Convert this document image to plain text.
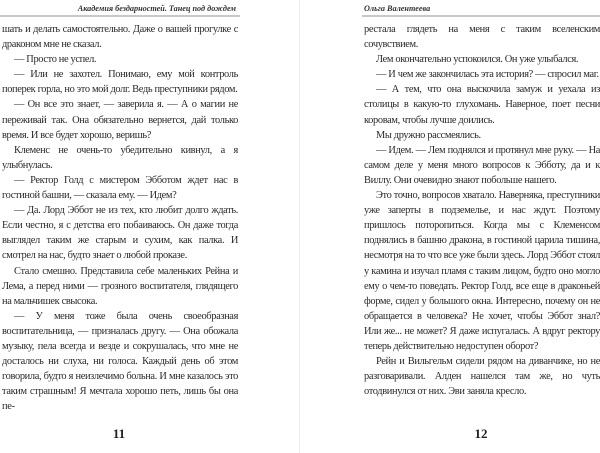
Академия бездарностей. Танец под дождем

шать и делать самостоятельно. Даже о вашей прогулке с драконом мне не сказал.

— Просто не успел.

— Или не захотел. Понимаю, ему мой контроль поперек горла, но это мой долг. Ведь преступники рядом.

— Он все это знает, — заверила я. — А о магии не переживай так. Она обязательно вернется, дай только время. И все будет хорошо, веришь?

Клеменс не очень-то убедительно кивнул, а я улыбнулась.

— Ректор Голд с мистером Эбботом ждет нас в гостиной башни, — сказала ему. — Идем?

— Да. Лорд Эббот не из тех, кто любит долго ждать. Если честно, я с детства его побаиваюсь. Он даже тогда выглядел таким же старым и сухим, как палка. И смотрел на нас, будто знает о любой проказе.

Стало смешно. Представила себе маленьких Рейна и Лема, а перед ними — грозного воспитателя, глядящего на мальчишек свысока.

— У меня тоже была очень своеобразная воспитательница, — призналась другу. — Она обожала музыку, пела всегда и везде и сокрушалась, что мне не досталось ни слуха, ни голоса. Каждый день об этом говорила, будто я неизлечимо больна. И мне казалось это таким страшным! Я мечтала хорошо петь, лишь бы она пе-

11
Ольга Валентеева

рестала глядеть на меня с таким вселенским сочувствием.

Лем окончательно успокоился. Он уже улыбался.

— И чем же закончилась эта история? — спросил маг.

— А тем, что она выскочила замуж и уехала из столицы в какую-то глухомань. Наверное, поет песни коровам, чтобы лучше доились.

Мы дружно рассмеялись.

— Идем. — Лем поднялся и протянул мне руку. — На самом деле у меня много вопросов к Эбботу, да и к Виллу. Они очевидно знают побольше нашего.

Это точно, вопросов хватало. Наверняка, преступники уже заперты в подземелье, и нас ждут. Поэтому пришлось поторопиться. Когда мы с Клеменсом поднялись в башню дракона, в гостиной царила тишина, несмотря на то что все уже были здесь. Лорд Эббот стоял у камина и изучал пламя с таким лицом, будто оно могло ему о чем-то поведать. Ректор Голд, все еще в драконьей форме, сидел у большого окна. Интересно, почему он не обращается в человека? Не хочет, чтобы Эббот знал? Или же... не может? Я даже испугалась. А вдруг ректору теперь действительно недоступен оборот?

Рейн и Вильгельм сидели рядом на диванчике, но не разговаривали. Алден нашелся там же, но чуть отодвинулся от них. Эви заняла кресло.

12
